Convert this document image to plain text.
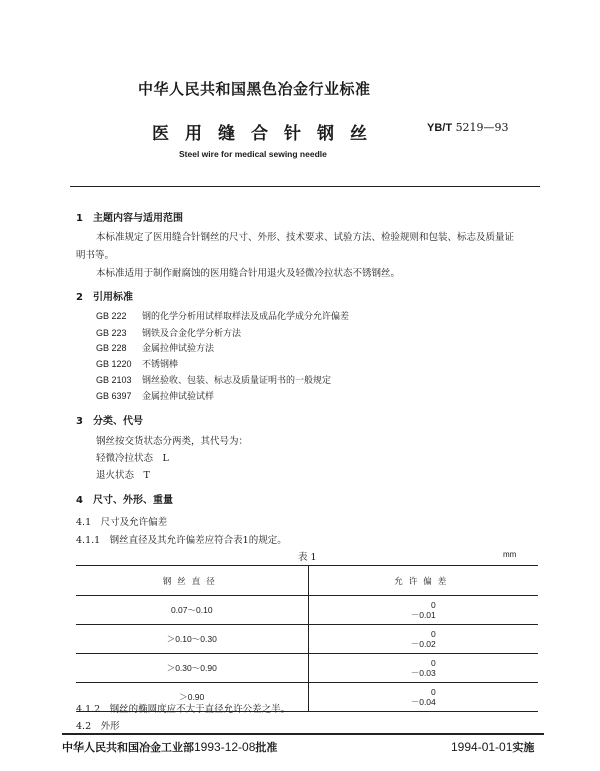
中华人民共和国黑色冶金行业标准
医用缝合针钢丝	YB/T 5219—93
Steel wire for medical sewing needle
1　主题内容与适用范围
本标准规定了医用缝合针钢丝的尺寸、外形、技术要求、试验方法、检验规则和包装、标志及质量证
明书等。
本标准适用于制作耐腐蚀的医用缝合针用退火及轻微冷拉状态不锈钢丝。
2　引用标准
GB 222 钢的化学分析用试样取样法及成品化学成分允许偏差
GB 223 钢铁及合金化学分析方法
GB 228 金属拉伸试验方法
GB 1220 不锈钢棒
GB 2103 钢丝验收、包装、标志及质量证明书的一般规定
GB 6397 金属拉伸试验试样
3　分类、代号
钢丝按交货状态分两类，其代号为：
轻微冷拉状态　L
退火状态　T
4　尺寸、外形、重量
4.1　尺寸及允许偏差
4.1.1　钢丝直径及其允许偏差应符合表1的规定。
表 1	mm
钢丝直径	允许偏差
0.07～0.10	0
－0.01
＞0.10～0.30	0
－0.02
＞0.30～0.90	0
－0.03
＞0.90	0
－0.04
4.1.2　钢丝的椭圆度应不大于直径允许公差之半。
4.2　外形
中华人民共和国冶金工业部1993-12-08批准	1994-01-01实施
